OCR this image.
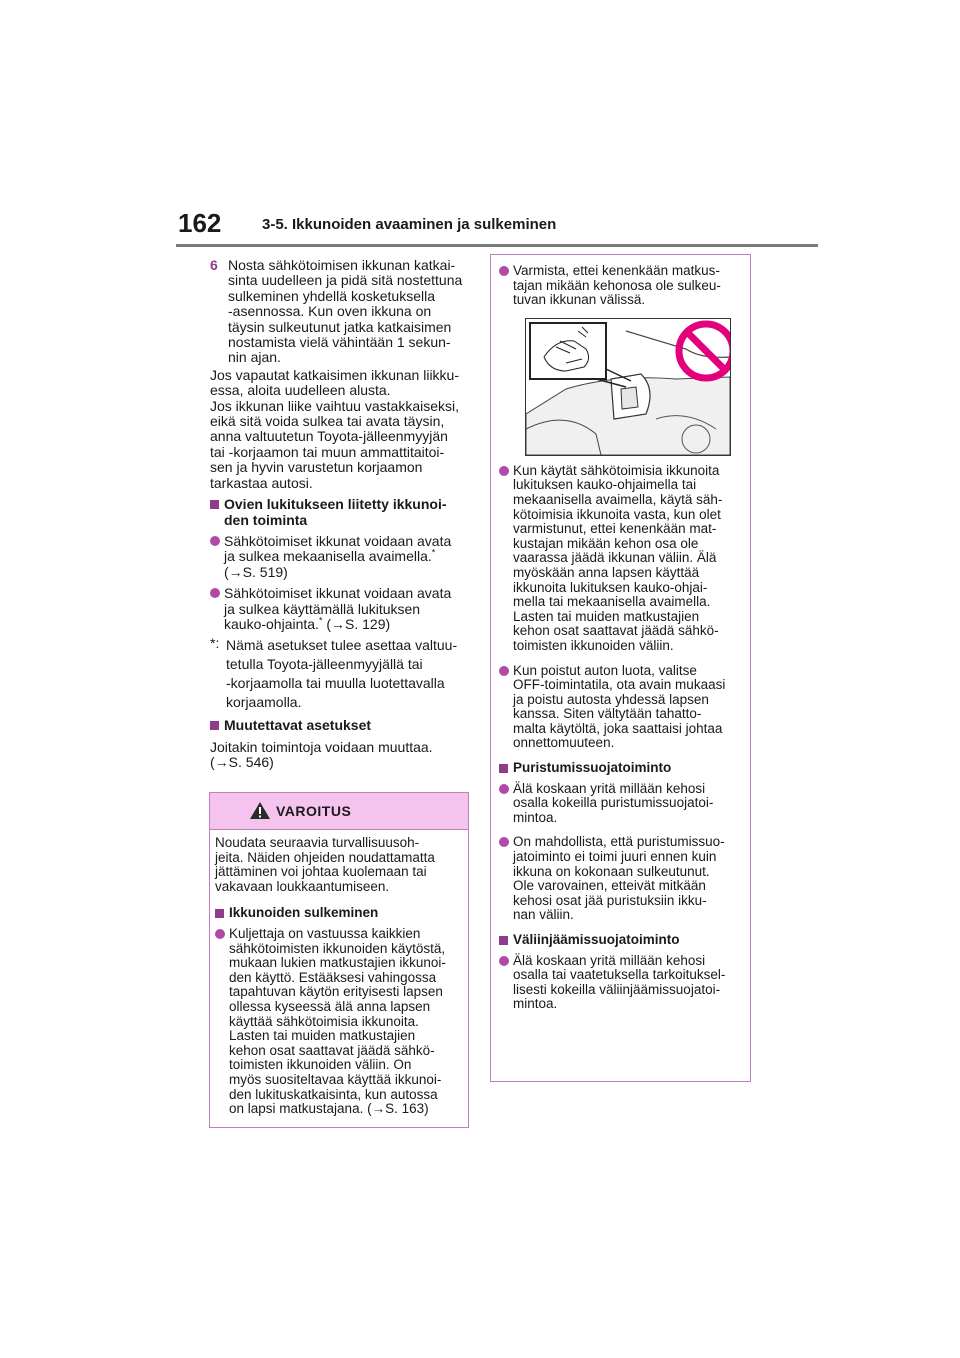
162	3-5. Ikkunoiden avaaminen ja sulkeminen
6 Nosta sähkötoimisen ikkunan katkai-

sinta uudelleen ja pidä sitä nostettuna

sulkeminen yhdellä kosketuksella

-asennossa. Kun oven ikkuna on

täysin sulkeutunut jatka katkaisimen

nostamista vielä vähintään 1 sekun-

nin ajan.

Jos vapautat katkaisimen ikkunan liikku-

essa, aloita uudelleen alusta.

Jos ikkunan liike vaihtuu vastakkaiseksi,

eikä sitä voida sulkea tai avata täysin,

anna valtuutetun Toyota-jälleenmyyjän

tai -korjaamon tai muun ammattitaitoi-

sen ja hyvin varustetun korjaamon

tarkastaa autosi.

Ovien lukitukseen liitetty ikkunoi-

den toiminta

Sähkötoimiset ikkunat voidaan avata

ja sulkea mekaanisella avaimella.*

(→S. 519)

Sähkötoimiset ikkunat voidaan avata

ja sulkea käyttämällä lukituksen

kauko-ohjainta.* (→S. 129)

*: Nämä asetukset tulee asettaa valtuu-

tetulla Toyota-jälleenmyyjällä tai

-korjaamolla tai muulla luotettavalla

korjaamolla.

Muutettavat asetukset

Joitakin toimintoja voidaan muuttaa.

(→S. 546)

VAROITUS

Noudata seuraavia turvallisuusoh-

jeita. Näiden ohjeiden noudattamatta

jättäminen voi johtaa kuolemaan tai

vakavaan loukkaantumiseen.

Ikkunoiden sulkeminen

Kuljettaja on vastuussa kaikkien

sähkötoimisten ikkunoiden käytöstä,

mukaan lukien matkustajien ikkunoi-

den käyttö. Estääksesi vahingossa

tapahtuvan käytön erityisesti lapsen

ollessa kyseessä älä anna lapsen

käyttää sähkötoimisia ikkunoita.

Lasten tai muiden matkustajien

kehon osat saattavat jäädä sähkö-

toimisten ikkunoiden väliin. On

myös suositeltavaa käyttää ikkunoi-

den lukituskatkaisinta, kun autossa

on lapsi matkustajana. (→S. 163)

Varmista, ettei kenenkään matkus-

tajan mikään kehonosa ole sulkeu-

tuvan ikkunan välissä.

Kun käytät sähkötoimisia ikkunoita

lukituksen kauko-ohjaimella tai

mekaanisella avaimella, käytä säh-

kötoimisia ikkunoita vasta, kun olet

varmistunut, ettei kenenkään mat-

kustajan mikään kehon osa ole

vaarassa jäädä ikkunan väliin. Älä

myöskään anna lapsen käyttää

ikkunoita lukituksen kauko-ohjai-

mella tai mekaanisella avaimella.

Lasten tai muiden matkustajien

kehon osat saattavat jäädä sähkö-

toimisten ikkunoiden väliin.

Kun poistut auton luota, valitse

OFF-toimintatila, ota avain mukaasi

ja poistu autosta yhdessä lapsen

kanssa. Siten vältytään tahatto-

malta käytöltä, joka saattaisi johtaa

onnettomuuteen.

Puristumissuojatoiminto

Älä koskaan yritä millään kehosi

osalla kokeilla puristumissuojatoi-

mintoa.

On mahdollista, että puristumissuo-

jatoiminto ei toimi juuri ennen kuin

ikkuna on kokonaan sulkeutunut.

Ole varovainen, etteivät mitkään

kehosi osat jää puristuksiin ikku-

nan väliin.

Väliinjäämissuojatoiminto

Älä koskaan yritä millään kehosi

osalla tai vaatetuksella tarkoituksel-

lisesti kokeilla väliinjäämissuojatoi-

mintoa.
